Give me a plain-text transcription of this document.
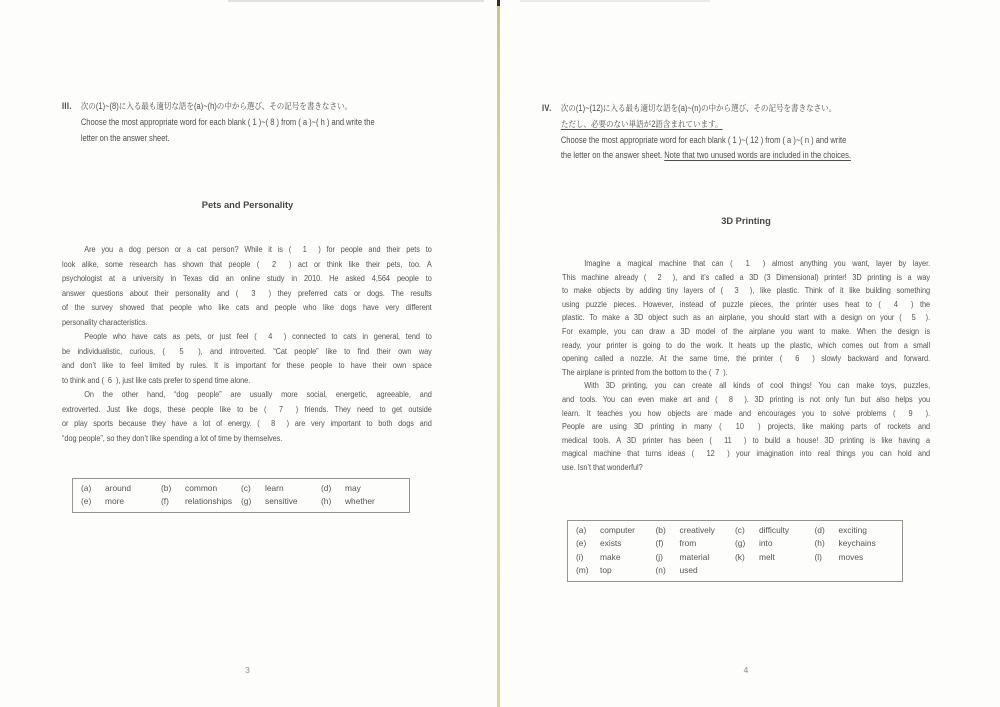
III.	次の(1)~(8)に入る最も適切な語を(a)~(h)の中から選び、その記号を書きなさい。
Choose the most appropriate word for each blank ( 1 )~( 8 ) from ( a )~( h ) and write the
letter on the answer sheet.
Pets and Personality
Are you a dog person or a cat person? While it is (  1  ) for people and their pets to
look alike, some research has shown that people (  2  ) act or think like their pets, too. A
psychologist at a university in Texas did an online study in 2010. He asked 4,564 people to
answer questions about their personality and (  3  ) they preferred cats or dogs. The results
of the survey showed that people who like cats and people who like dogs have very different
personality characteristics.
People who have cats as pets, or just feel (  4  ) connected to cats in general, tend to
be individualistic, curious, (  5  ), and introverted. “Cat people” like to find their own way
and don’t like to feel limited by rules. It is important for these people to have their own space
to think and (  6  ), just like cats prefer to spend time alone.
On the other hand, “dog people” are usually more social, energetic, agreeable, and
extroverted. Just like dogs, these people like to be (  7  ) friends. They need to get outside
or play sports because they have a lot of energy. (  8  ) are very important to both dogs and
“dog people”, so they don’t like spending a lot of time by themselves.
(a)	around	(b)	common	(c)	learn	(d)	may
(e)	more	(f)	relationships (g)	sensitive	(h)	whether
3
IV.	次の(1)~(12)に入る最も適切な語を(a)~(n)の中から選び、その記号を書きなさい。
ただし、必要のない単語が2語含まれています。
Choose the most appropriate word for each blank ( 1 )~( 12 ) from ( a )~( n ) and write
the letter on the answer sheet. Note that two unused words are included in the choices.
3D Printing
Imagine a magical machine that can (  1  ) almost anything you want, layer by layer.
This machine already (  2  ), and it’s called a 3D (3 Dimensional) printer! 3D printing is a way
to make objects by adding tiny layers of (  3  ), like plastic. Think of it like building something
using puzzle pieces. However, instead of puzzle pieces, the printer uses heat to (  4  ) the
plastic. To make a 3D object such as an airplane, you should start with a design on your (  5  ).
For example, you can draw a 3D model of the airplane you want to make. When the design is
ready, your printer is going to do the work. It heats up the plastic, which comes out from a small
opening called a nozzle. At the same time, the printer (  6  ) slowly backward and forward.
The airplane is printed from the bottom to the (  7  ).
With 3D printing, you can create all kinds of cool things! You can make toys, puzzles,
and tools. You can even make art and (  8  ). 3D printing is not only fun but also helps you
learn. It teaches you how objects are made and encourages you to solve problems (  9  ).
People are using 3D printing in many (  10  ) projects, like making parts of rockets and
medical tools. A 3D printer has been (  11  ) to build a house! 3D printing is like having a
magical machine that turns ideas (  12  ) your imagination into real things you can hold and
use. Isn’t that wonderful?
(a)	computer (b)	creatively (c)	difficulty	(d)	exciting
(e)	exists	(f)	from	(g)	into	(h)	keychains
(i)	make	(j)	material	(k)	melt	(l)	moves
(m)	top	(n)	used
4
